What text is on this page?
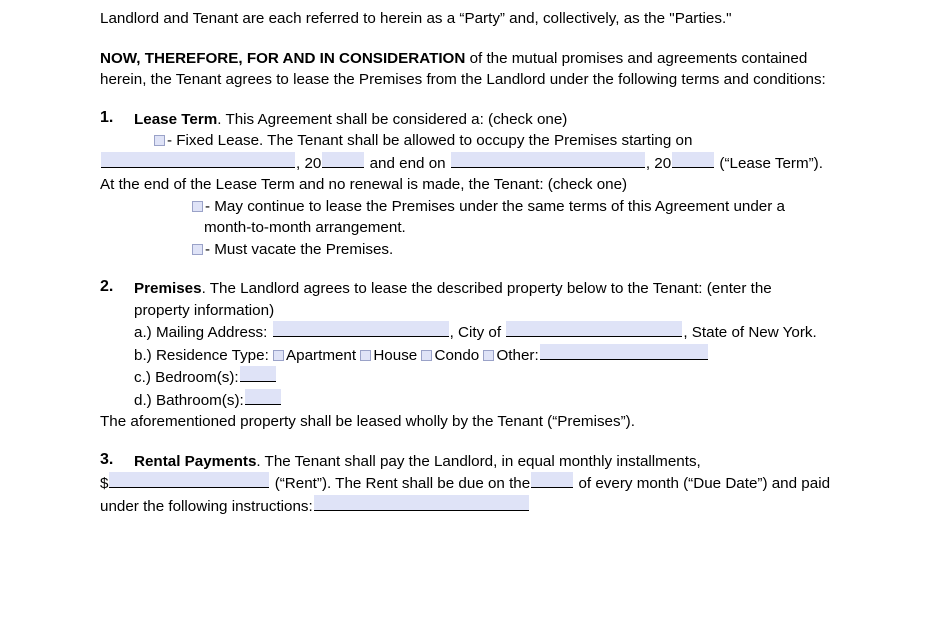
Landlord and Tenant are each referred to herein as a “Party” and, collectively, as the "Parties."

NOW, THEREFORE, FOR AND IN CONSIDERATION of the mutual promises and agreements contained herein, the Tenant agrees to lease the Premises from the Landlord under the following terms and conditions:

1.	Lease Term. This Agreement shall be considered a: (check one)
- Fixed Lease. The Tenant shall be allowed to occupy the Premises starting on
, 20	and end on	, 20	(“Lease Term”). At the end of the Lease Term and no renewal is made, the Tenant: (check one)
- May continue to lease the Premises under the same terms of this Agreement under a month-to-month arrangement.
- Must vacate the Premises.
2.	Premises. The Landlord agrees to lease the described property below to the Tenant: (enter the property information)
a.) Mailing Address:	, City of	, State of New York.
b.) Residence Type: Apartment House Condo Other:
c.) Bedroom(s):
d.) Bathroom(s):
The aforementioned property shall be leased wholly by the Tenant (“Premises”).
3.	Rental Payments. The Tenant shall pay the Landlord, in equal monthly installments,
$	(“Rent”). The Rent shall be due on the	of every month (“Due Date”) and paid under the following instructions:
